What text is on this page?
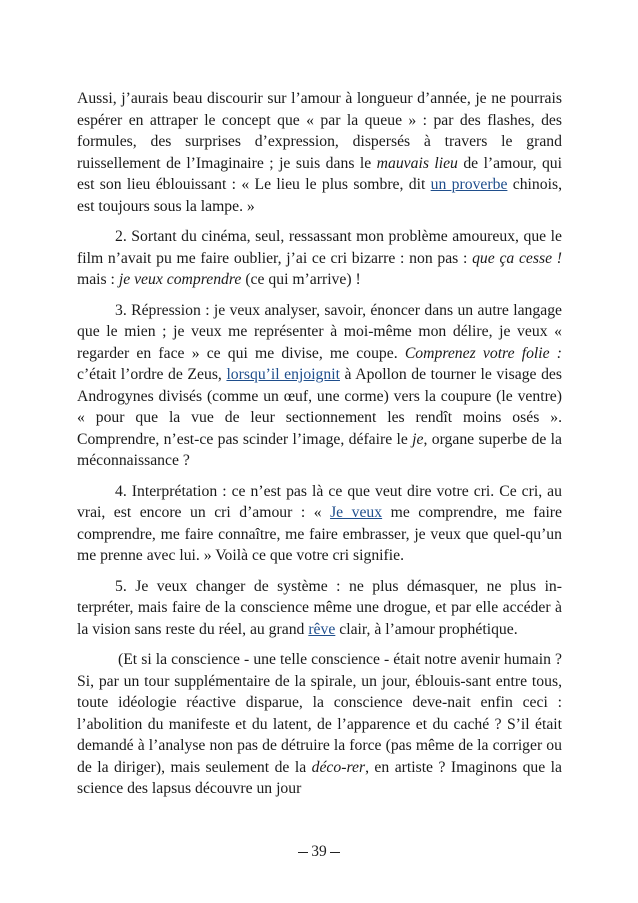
Aussi, j’aurais beau discourir sur l’amour à longueur d’année, je ne pourrais espérer en attraper le concept que « par la queue » : par des flashes, des formules, des surprises d’expression, dispersés à travers le grand ruissellement de l’Imaginaire ; je suis dans le mauvais lieu de l’amour, qui est son lieu éblouissant : « Le lieu le plus sombre, dit un proverbe chinois, est toujours sous la lampe. »

2. Sortant du cinéma, seul, ressassant mon problème amoureux, que le film n’avait pu me faire oublier, j’ai ce cri bizarre : non pas : que ça cesse ! mais : je veux comprendre (ce qui m’arrive) !

3. Répression : je veux analyser, savoir, énoncer dans un autre langage que le mien ; je veux me représenter à moi-même mon délire, je veux « regarder en face » ce qui me divise, me coupe. Comprenez votre folie : c’était l’ordre de Zeus, lorsqu’il enjoignit à Apollon de tourner le visage des Androgynes divisés (comme un œuf, une corme) vers la coupure (le ventre) « pour que la vue de leur sectionnement les rendît moins osés ». Comprendre, n’est-ce pas scinder l’image, défaire le je, organe superbe de la méconnaissance ?

4. Interprétation : ce n’est pas là ce que veut dire votre cri. Ce cri, au vrai, est encore un cri d’amour : « Je veux me comprendre, me faire comprendre, me faire connaître, me faire embrasser, je veux que quel-qu’un me prenne avec lui. » Voilà ce que votre cri signifie.

5. Je veux changer de système : ne plus démasquer, ne plus in-terpréter, mais faire de la conscience même une drogue, et par elle accéder à la vision sans reste du réel, au grand rêve clair, à l’amour prophétique.

(Et si la conscience - une telle conscience - était notre avenir humain ? Si, par un tour supplémentaire de la spirale, un jour, éblouis-sant entre tous, toute idéologie réactive disparue, la conscience deve-nait enfin ceci : l’abolition du manifeste et du latent, de l’apparence et du caché ? S’il était demandé à l’analyse non pas de détruire la force (pas même de la corriger ou de la diriger), mais seulement de la déco-rer, en artiste ? Imaginons que la science des lapsus découvre un jour

39
